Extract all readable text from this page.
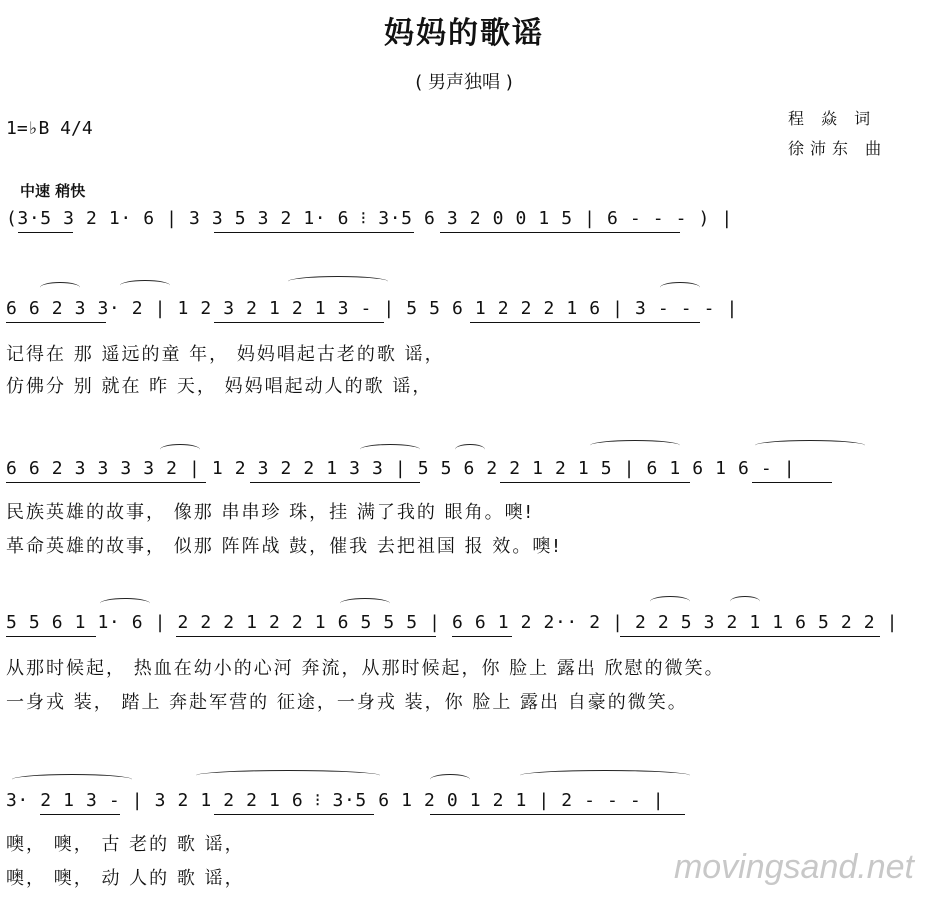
妈妈的歌谣
( 男声独唱 )
1=♭B 4/4	程 焱 词
徐沛东 曲
中速 稍快
(3·5 3 2 1· 6 | 3 3 5 3 2 1· 6 ⁝ 3·5 6 3 2 0 0 1 5 | 6 - - - ) |
6 6 2 3 3· 2 | 1 2 3 2 1 2 1 3 - | 5 5 6 1 2 2 2 1 6 | 3 - - - |
记得在 那 遥远的童 年， 妈妈唱起古老的歌 谣，
仿佛分 别 就在 昨 天， 妈妈唱起动人的歌 谣，
6 6 2 3 3 3 3 2 | 1 2 3 2 2 1 3 3 | 5 5 6 2 2 1 2 1 5 | 6 1 6 1 6 - |
民族英雄的故事， 像那 串串珍 珠，挂 满了我的 眼角。噢!
革命英雄的故事， 似那 阵阵战 鼓，催我 去把祖国 报 效。噢!
5 5 6 1 1· 6 | 2 2 2 1 2 2 1 6 5 5 5 | 6 6 1 2 2·· 2 | 2 2 5 3 2 1 1 6 5 2 2 |
从那时候起， 热血在幼小的心河 奔流，从那时候起，你 脸上 露出 欣慰的微笑。
一身戎 装， 踏上 奔赴军营的 征途，一身戎 装，你 脸上 露出 自豪的微笑。
3· 2 1 3 - | 3 2 1 2 2 1 6 ⁝ 3·5 6 1 2 0 1 2 1 | 2 - - - |
噢， 噢， 古 老的 歌 谣，
噢， 噢， 动 人的 歌 谣，	movingsand.net
